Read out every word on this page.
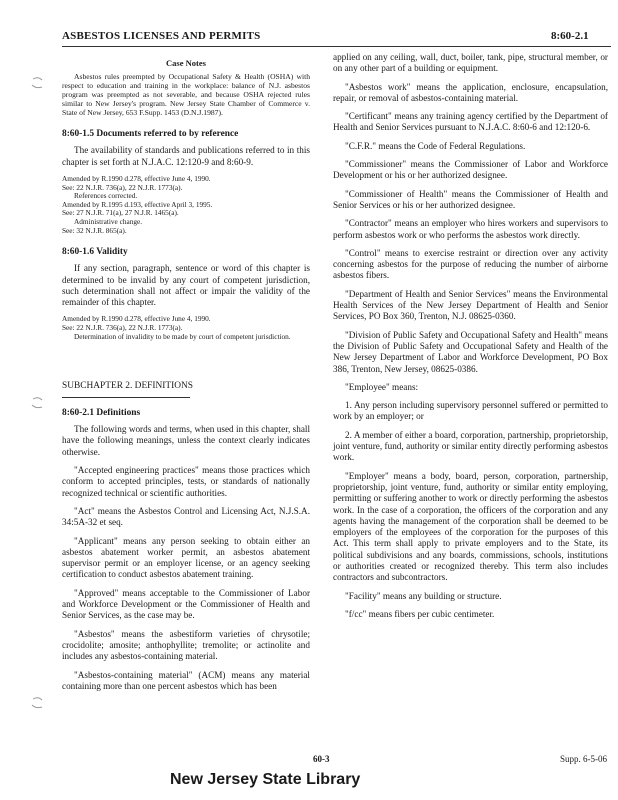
ASBESTOS LICENSES AND PERMITS	8:60-2.1
Case Notes

Asbestos rules preempted by Occupational Safety & Health (OSHA) with respect to education and training in the workplace: balance of N.J. asbestos program was preempted as not severable, and because OSHA rejected rules similar to New Jersey's program. New Jersey State Chamber of Commerce v. State of New Jersey, 653 F.Supp. 1453 (D.N.J.1987).

8:60-1.5 Documents referred to by reference

The availability of standards and publications referred to in this chapter is set forth at N.J.A.C. 12:120-9 and 8:60-9.

Amended by R.1990 d.278, effective June 4, 1990.

See: 22 N.J.R. 736(a), 22 N.J.R. 1773(a).

References corrected.

Amended by R.1995 d.193, effective April 3, 1995.

See: 27 N.J.R. 71(a), 27 N.J.R. 1465(a).

Administrative change.

See: 32 N.J.R. 865(a).

8:60-1.6 Validity

If any section, paragraph, sentence or word of this chapter is determined to be invalid by any court of competent jurisdiction, such determination shall not affect or impair the validity of the remainder of this chapter.

Amended by R.1990 d.278, effective June 4, 1990.

See: 22 N.J.R. 736(a), 22 N.J.R. 1773(a).

Determination of invalidity to be made by court of competent jurisdiction.

SUBCHAPTER 2. DEFINITIONS
8:60-2.1 Definitions

The following words and terms, when used in this chapter, shall have the following meanings, unless the context clearly indicates otherwise.

"Accepted engineering practices" means those practices which conform to accepted principles, tests, or standards of nationally recognized technical or scientific authorities.

"Act" means the Asbestos Control and Licensing Act, N.J.S.A. 34:5A-32 et seq.

"Applicant" means any person seeking to obtain either an asbestos abatement worker permit, an asbestos abatement supervisor permit or an employer license, or an agency seeking certification to conduct asbestos abatement training.

"Approved" means acceptable to the Commissioner of Labor and Workforce Development or the Commissioner of Health and Senior Services, as the case may be.

"Asbestos" means the asbestiform varieties of chrysotile; crocidolite; amosite; anthophyllite; tremolite; or actinolite and includes any asbestos-containing material.

"Asbestos-containing material" (ACM) means any material containing more than one percent asbestos which has been

applied on any ceiling, wall, duct, boiler, tank, pipe, structural member, or on any other part of a building or equipment.

"Asbestos work" means the application, enclosure, encapsulation, repair, or removal of asbestos-containing material.

"Certificant" means any training agency certified by the Department of Health and Senior Services pursuant to N.J.A.C. 8:60-6 and 12:120-6.

"C.F.R." means the Code of Federal Regulations.

"Commissioner" means the Commissioner of Labor and Workforce Development or his or her authorized designee.

"Commissioner of Health" means the Commissioner of Health and Senior Services or his or her authorized designee.

"Contractor" means an employer who hires workers and supervisors to perform asbestos work or who performs the asbestos work directly.

"Control" means to exercise restraint or direction over any activity concerning asbestos for the purpose of reducing the number of airborne asbestos fibers.

"Department of Health and Senior Services" means the Environmental Health Services of the New Jersey Department of Health and Senior Services, PO Box 360, Trenton, N.J. 08625-0360.

"Division of Public Safety and Occupational Safety and Health" means the Division of Public Safety and Occupational Safety and Health of the New Jersey Department of Labor and Workforce Development, PO Box 386, Trenton, New Jersey, 08625-0386.

"Employee" means:

1. Any person including supervisory personnel suffered or permitted to work by an employer; or

2. A member of either a board, corporation, partnership, proprietorship, joint venture, fund, authority or similar entity directly performing asbestos work.

"Employer" means a body, board, person, corporation, partnership, proprietorship, joint venture, fund, authority or similar entity employing, permitting or suffering another to work or directly performing the asbestos work. In the case of a corporation, the officers of the corporation and any agents having the management of the corporation shall be deemed to be employers of the employees of the corporation for the purposes of this Act. This term shall apply to private employers and to the State, its political subdivisions and any boards, commissions, schools, institutions or authorities created or recognized thereby. This term also includes contractors and subcontractors.

"Facility" means any building or structure.

"f/cc" means fibers per cubic centimeter.

60-3	Supp. 6-5-06
New Jersey State Library
